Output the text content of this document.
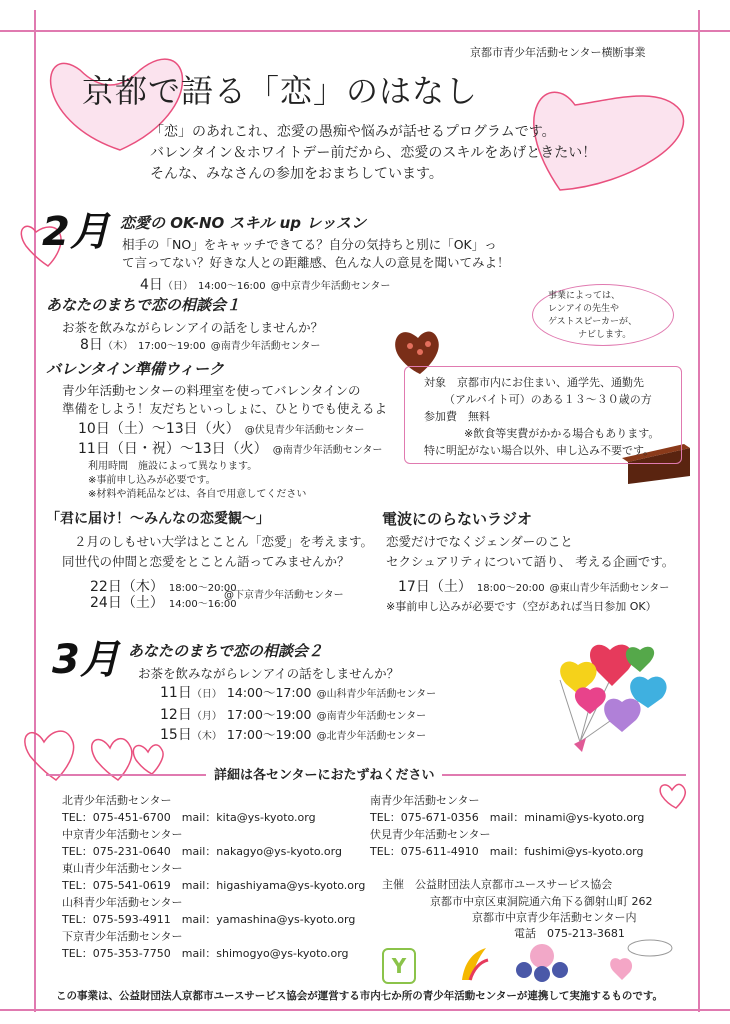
京都市青少年活動センター横断事業
京都で語る「恋」のはなし
「恋」のあれこれ、恋愛の愚痴や悩みが話せるプログラムです。
バレンタイン＆ホワイトデー前だから、恋愛のスキルをあげときたい！
そんな、みなさんの参加をおまちしています。
2月 恋愛の OK-NO スキル up レッスン
相手の「NO」をキャッチできてる？自分の気持ちと別に「OK」っ
て言ってない？好きな人との距離感、色んな人の意見を聞いてみよ！
4日（日） 14:00～16:00 @中京青少年活動センター
あなたのまちで恋の相談会１
お茶を飲みながらレンアイの話をしませんか？
8日（木） 17:00～19:00 @南青少年活動センター
バレンタイン準備ウィーク
青少年活動センターの料理室を使ってバレンタインの
準備をしよう！友だちといっしょに、ひとりでも使えるよ
10日（土）～13日（火） @伏見青少年活動センター
11日（日・祝）～13日（火） @南青少年活動センター
利用時間　施設によって異なります。
※事前申し込みが必要です。
※材料や消耗品などは、各自で用意してください
事業によっては、
レンアイの先生や
ゲストスピーカーが、
ナビします。
対象　京都市内にお住まい、通学先、通勤先
（アルバイト可）のある１３～３０歳の方
参加費　無料
※飲食等実費がかかる場合もあります。
特に明記がない場合以外、申し込み不要です。
「君に届け！～みんなの恋愛観～」
２月のしもせい大学はとことん「恋愛」を考えます。
同世代の仲間と恋愛をとことん語ってみませんか？
22日（木） 18:00～20:00
24日（土） 14:00～16:00
@下京青少年活動センター
電波にのらないラジオ
恋愛だけでなくジェンダーのこと
セクシュアリティについて語り、 考える企画です。
17日（土） 18:00～20:00 @東山青少年活動センター
※事前申し込みが必要です（空があれば当日参加 OK）
3月 あなたのまちで恋の相談会２
お茶を飲みながらレンアイの話をしませんか？
11日（日） 14:00～17:00 @山科青少年活動センター
12日（月） 17:00～19:00 @南青少年活動センター
15日（木） 17:00～19:00 @北青少年活動センター
詳細は各センターにおたずねください
北青少年活動センター
TEL：075-451-6700　 mail：kita@ys-kyoto.org
中京青少年活動センター
TEL：075-231-0640　 mail：nakagyo@ys-kyoto.org
東山青少年活動センター
TEL：075-541-0619　 mail：higashiyama@ys-kyoto.org
山科青少年活動センター
TEL：075-593-4911　 mail：yamashina@ys-kyoto.org
下京青少年活動センター
TEL：075-353-7750　 mail：shimogyo@ys-kyoto.org
南青少年活動センター
TEL：075-671-0356　 mail：minami@ys-kyoto.org
伏見青少年活動センター
TEL：075-611-4910　 mail：fushimi@ys-kyoto.org
主催　 公益財団法人京都市ユースサービス協会
京都市中京区東洞院通六角下る御射山町 262
京都市中京青少年活動センター内
電話　 075-213-3681
Y
この事業は、公益財団法人京都市ユースサービス協会が運営する市内七か所の青少年活動センターが連携して実施するものです。
